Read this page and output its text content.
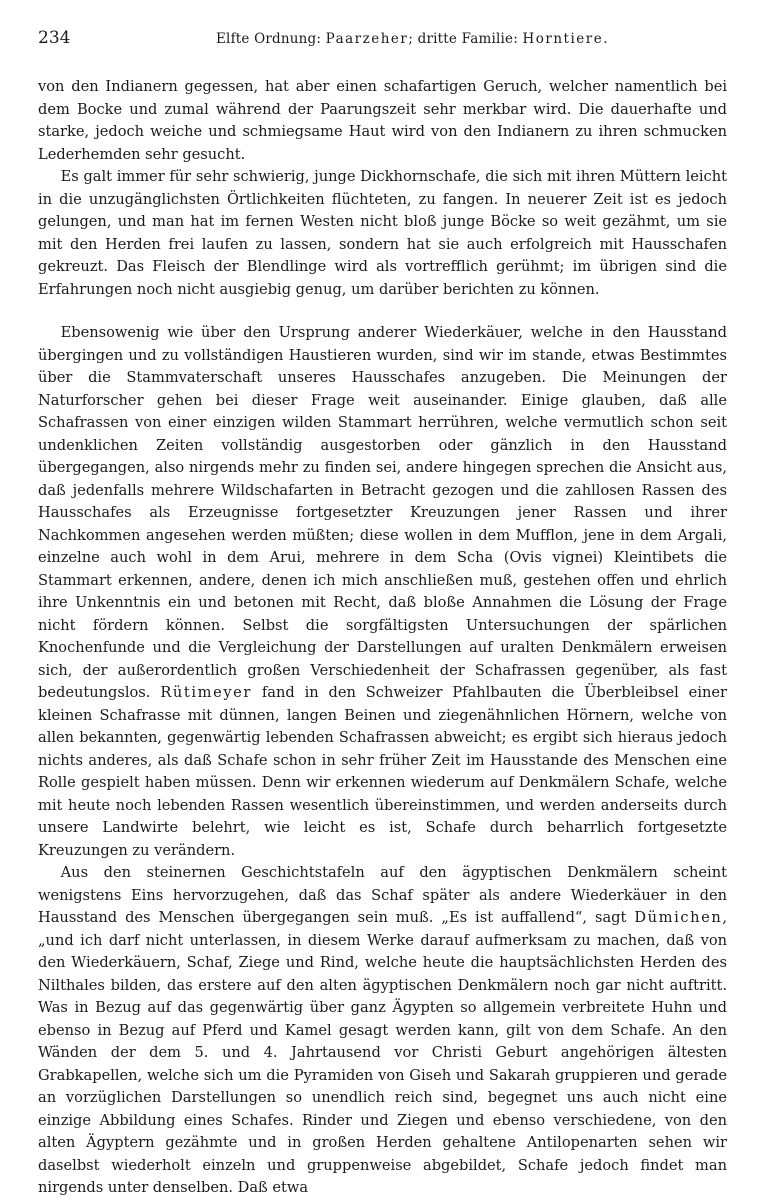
234	Elfte Ordnung: Paarzeher; dritte Familie: Horntiere.

von den Indianern gegessen, hat aber einen schafartigen Geruch, welcher namentlich bei dem Bocke und zumal während der Paarungszeit sehr merkbar wird. Die dauerhafte und starke, jedoch weiche und schmiegsame Haut wird von den Indianern zu ihren schmucken Lederhemden sehr gesucht.

Es galt immer für sehr schwierig, junge Dickhornschafe, die sich mit ihren Müttern leicht in die unzugänglichsten Örtlichkeiten flüchteten, zu fangen. In neuerer Zeit ist es jedoch gelungen, und man hat im fernen Westen nicht bloß junge Böcke so weit gezähmt, um sie mit den Herden frei laufen zu lassen, sondern hat sie auch erfolgreich mit Hausschafen gekreuzt. Das Fleisch der Blendlinge wird als vortrefflich gerühmt; im übrigen sind die Erfahrungen noch nicht ausgiebig genug, um darüber berichten zu können.

Ebensowenig wie über den Ursprung anderer Wiederkäuer, welche in den Hausstand übergingen und zu vollständigen Haustieren wurden, sind wir im stande, etwas Bestimmtes über die Stammvaterschaft unseres Hausschafes anzugeben. Die Meinungen der Naturforscher gehen bei dieser Frage weit auseinander. Einige glauben, daß alle Schafrassen von einer einzigen wilden Stammart herrühren, welche vermutlich schon seit undenklichen Zeiten vollständig ausgestorben oder gänzlich in den Hausstand übergegangen, also nirgends mehr zu finden sei, andere hingegen sprechen die Ansicht aus, daß jedenfalls mehrere Wildschafarten in Betracht gezogen und die zahllosen Rassen des Hausschafes als Erzeugnisse fortgesetzter Kreuzungen jener Rassen und ihrer Nachkommen angesehen werden müßten; diese wollen in dem Mufflon, jene in dem Argali, einzelne auch wohl in dem Arui, mehrere in dem Scha (Ovis vignei) Kleintibets die Stammart erkennen, andere, denen ich mich anschließen muß, gestehen offen und ehrlich ihre Unkenntnis ein und betonen mit Recht, daß bloße Annahmen die Lösung der Frage nicht fördern können. Selbst die sorgfältigsten Untersuchungen der spärlichen Knochenfunde und die Vergleichung der Darstellungen auf uralten Denkmälern erweisen sich, der außerordentlich großen Verschiedenheit der Schafrassen gegenüber, als fast bedeutungslos. Rütimeyer fand in den Schweizer Pfahlbauten die Überbleibsel einer kleinen Schafrasse mit dünnen, langen Beinen und ziegenähnlichen Hörnern, welche von allen bekannten, gegenwärtig lebenden Schafrassen abweicht; es ergibt sich hieraus jedoch nichts anderes, als daß Schafe schon in sehr früher Zeit im Hausstande des Menschen eine Rolle gespielt haben müssen. Denn wir erkennen wiederum auf Denkmälern Schafe, welche mit heute noch lebenden Rassen wesentlich übereinstimmen, und werden anderseits durch unsere Landwirte belehrt, wie leicht es ist, Schafe durch beharrlich fortgesetzte Kreuzungen zu verändern.

Aus den steinernen Geschichtstafeln auf den ägyptischen Denkmälern scheint wenigstens Eins hervorzugehen, daß das Schaf später als andere Wiederkäuer in den Hausstand des Menschen übergegangen sein muß. „Es ist auffallend“, sagt Dümichen, „und ich darf nicht unterlassen, in diesem Werke darauf aufmerksam zu machen, daß von den Wiederkäuern, Schaf, Ziege und Rind, welche heute die hauptsächlichsten Herden des Nilthales bilden, das erstere auf den alten ägyptischen Denkmälern noch gar nicht auftritt. Was in Bezug auf das gegenwärtig über ganz Ägypten so allgemein verbreitete Huhn und ebenso in Bezug auf Pferd und Kamel gesagt werden kann, gilt von dem Schafe. An den Wänden der dem 5. und 4. Jahrtausend vor Christi Geburt angehörigen ältesten Grabkapellen, welche sich um die Pyramiden von Giseh und Sakarah gruppieren und gerade an vorzüglichen Darstellungen so unendlich reich sind, begegnet uns auch nicht eine einzige Abbildung eines Schafes. Rinder und Ziegen und ebenso verschiedene, von den alten Ägyptern gezähmte und in großen Herden gehaltene Antilopenarten sehen wir daselbst wiederholt einzeln und gruppenweise abgebildet, Schafe jedoch findet man nirgends unter denselben. Daß etwa
